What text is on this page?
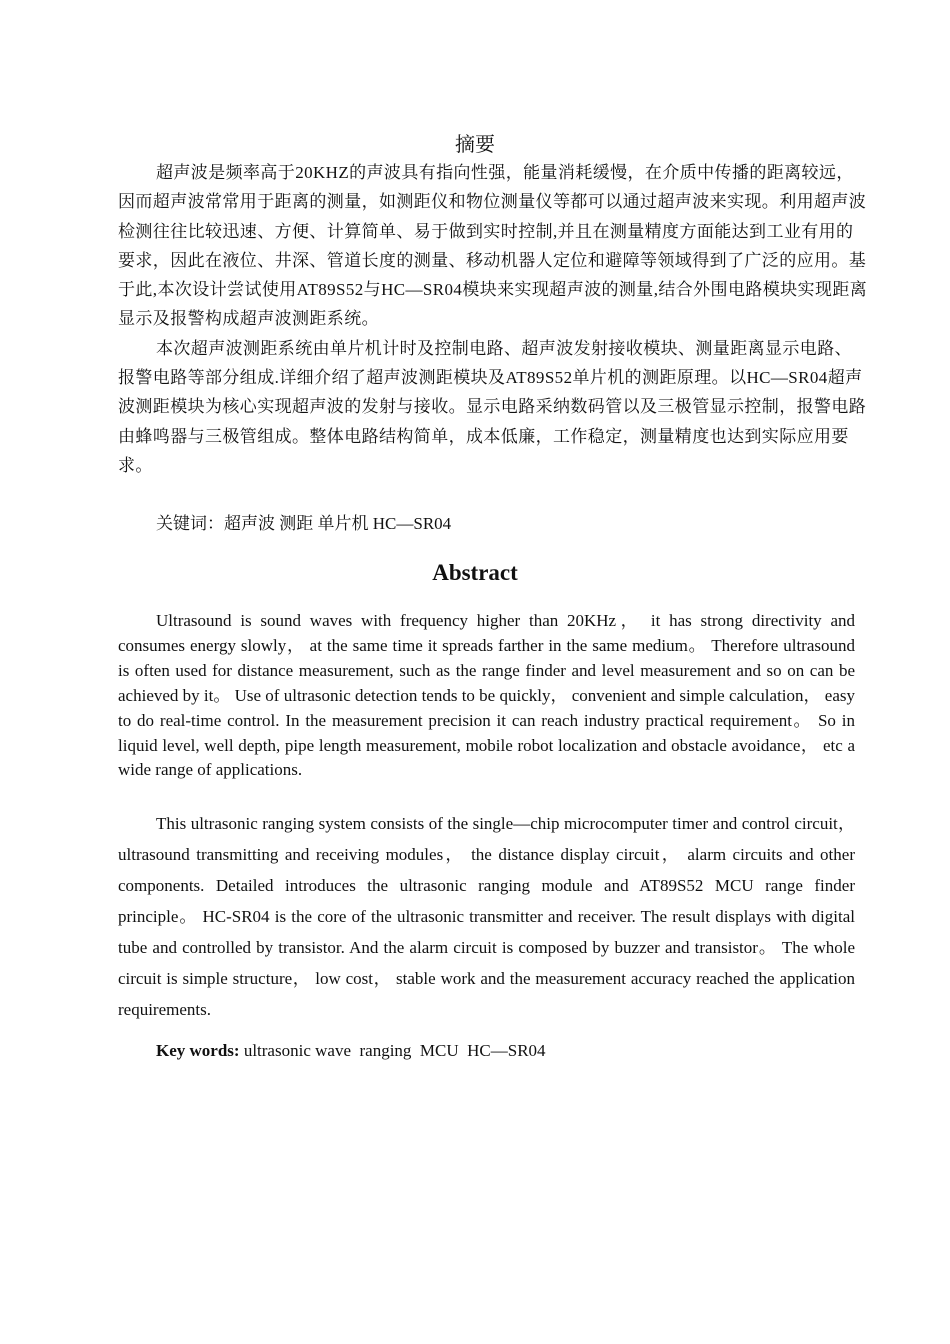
摘要

超声波是频率高于20KHZ的声波具有指向性强，能量消耗缓慢，在介质中传播的距离较远，因而超声波常常用于距离的测量，如测距仪和物位测量仪等都可以通过超声波来实现。利用超声波检测往往比较迅速、方便、计算简单、易于做到实时控制,并且在测量精度方面能达到工业有用的要求，因此在液位、井深、管道长度的测量、移动机器人定位和避障等领域得到了广泛的应用。基于此,本次设计尝试使用AT89S52与HC—SR04模块来实现超声波的测量,结合外围电路模块实现距离显示及报警构成超声波测距系统。

本次超声波测距系统由单片机计时及控制电路、超声波发射接收模块、测量距离显示电路、报警电路等部分组成.详细介绍了超声波测距模块及AT89S52单片机的测距原理。以HC—SR04超声波测距模块为核心实现超声波的发射与接收。显示电路采纳数码管以及三极管显示控制，报警电路由蜂鸣器与三极管组成。整体电路结构简单，成本低廉，工作稳定，测量精度也达到实际应用要求。

关键词：超声波 测距 单片机 HC—SR04
Abstract

Ultrasound is sound waves with frequency higher than 20KHz， it has strong directivity and consumes energy slowly， at the same time it spreads farther in the same medium。 Therefore ultrasound is often used for distance measurement, such as the range finder and level measurement and so on can be achieved by it。 Use of ultrasonic detection tends to be quickly， convenient and simple calculation， easy to do real-time control. In the measurement precision it can reach industry practical requirement。 So in liquid level, well depth, pipe length measurement, mobile robot localization and obstacle avoidance， etc a wide range of applications.

This ultrasonic ranging system consists of the single—chip microcomputer timer and control circuit， ultrasound transmitting and receiving modules， the distance display circuit， alarm circuits and other components. Detailed introduces the ultrasonic ranging module and AT89S52 MCU range finder principle。 HC-SR04 is the core of the ultrasonic transmitter and receiver. The result displays with digital tube and controlled by transistor. And the alarm circuit is composed by buzzer and transistor。 The whole circuit is simple structure， low cost， stable work and the measurement accuracy reached the application requirements.

Key words: ultrasonic wave  ranging  MCU  HC—SR04
